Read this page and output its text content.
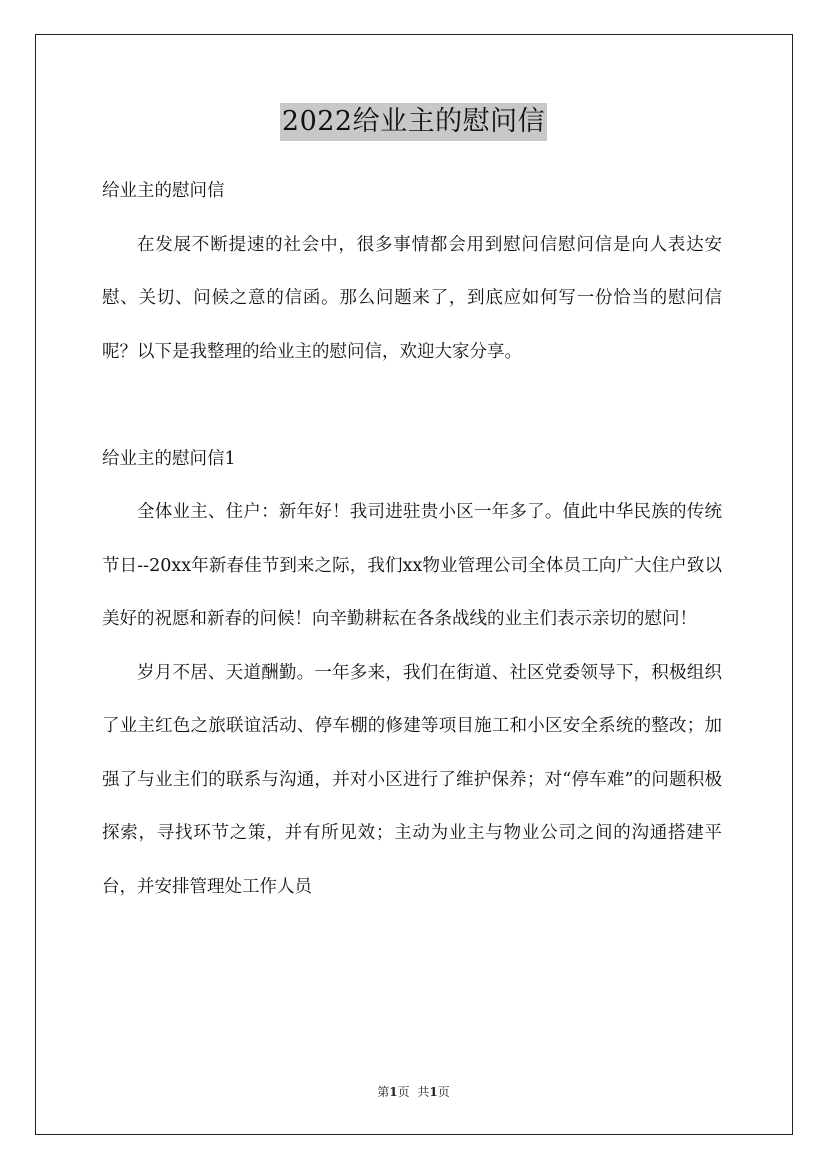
2022给业主的慰问信

给业主的慰问信

在发展不断提速的社会中，很多事情都会用到慰问信慰问信是向人表达安慰、关切、问候之意的信函。那么问题来了，到底应如何写一份恰当的慰问信呢？以下是我整理的给业主的慰问信，欢迎大家分享。

给业主的慰问信1

全体业主、住户：新年好！我司进驻贵小区一年多了。值此中华民族的传统节日--20xx年新春佳节到来之际，我们xx物业管理公司全体员工向广大住户致以美好的祝愿和新春的问候！向辛勤耕耘在各条战线的业主们表示亲切的慰问！

岁月不居、天道酬勤。一年多来，我们在街道、社区党委领导下，积极组织了业主红色之旅联谊活动、停车棚的修建等项目施工和小区安全系统的整改；加强了与业主们的联系与沟通，并对小区进行了维护保养；对“停车难”的问题积极探索，寻找环节之策，并有所见效；主动为业主与物业公司之间的沟通搭建平台，并安排管理处工作人员

第1页 共1页
